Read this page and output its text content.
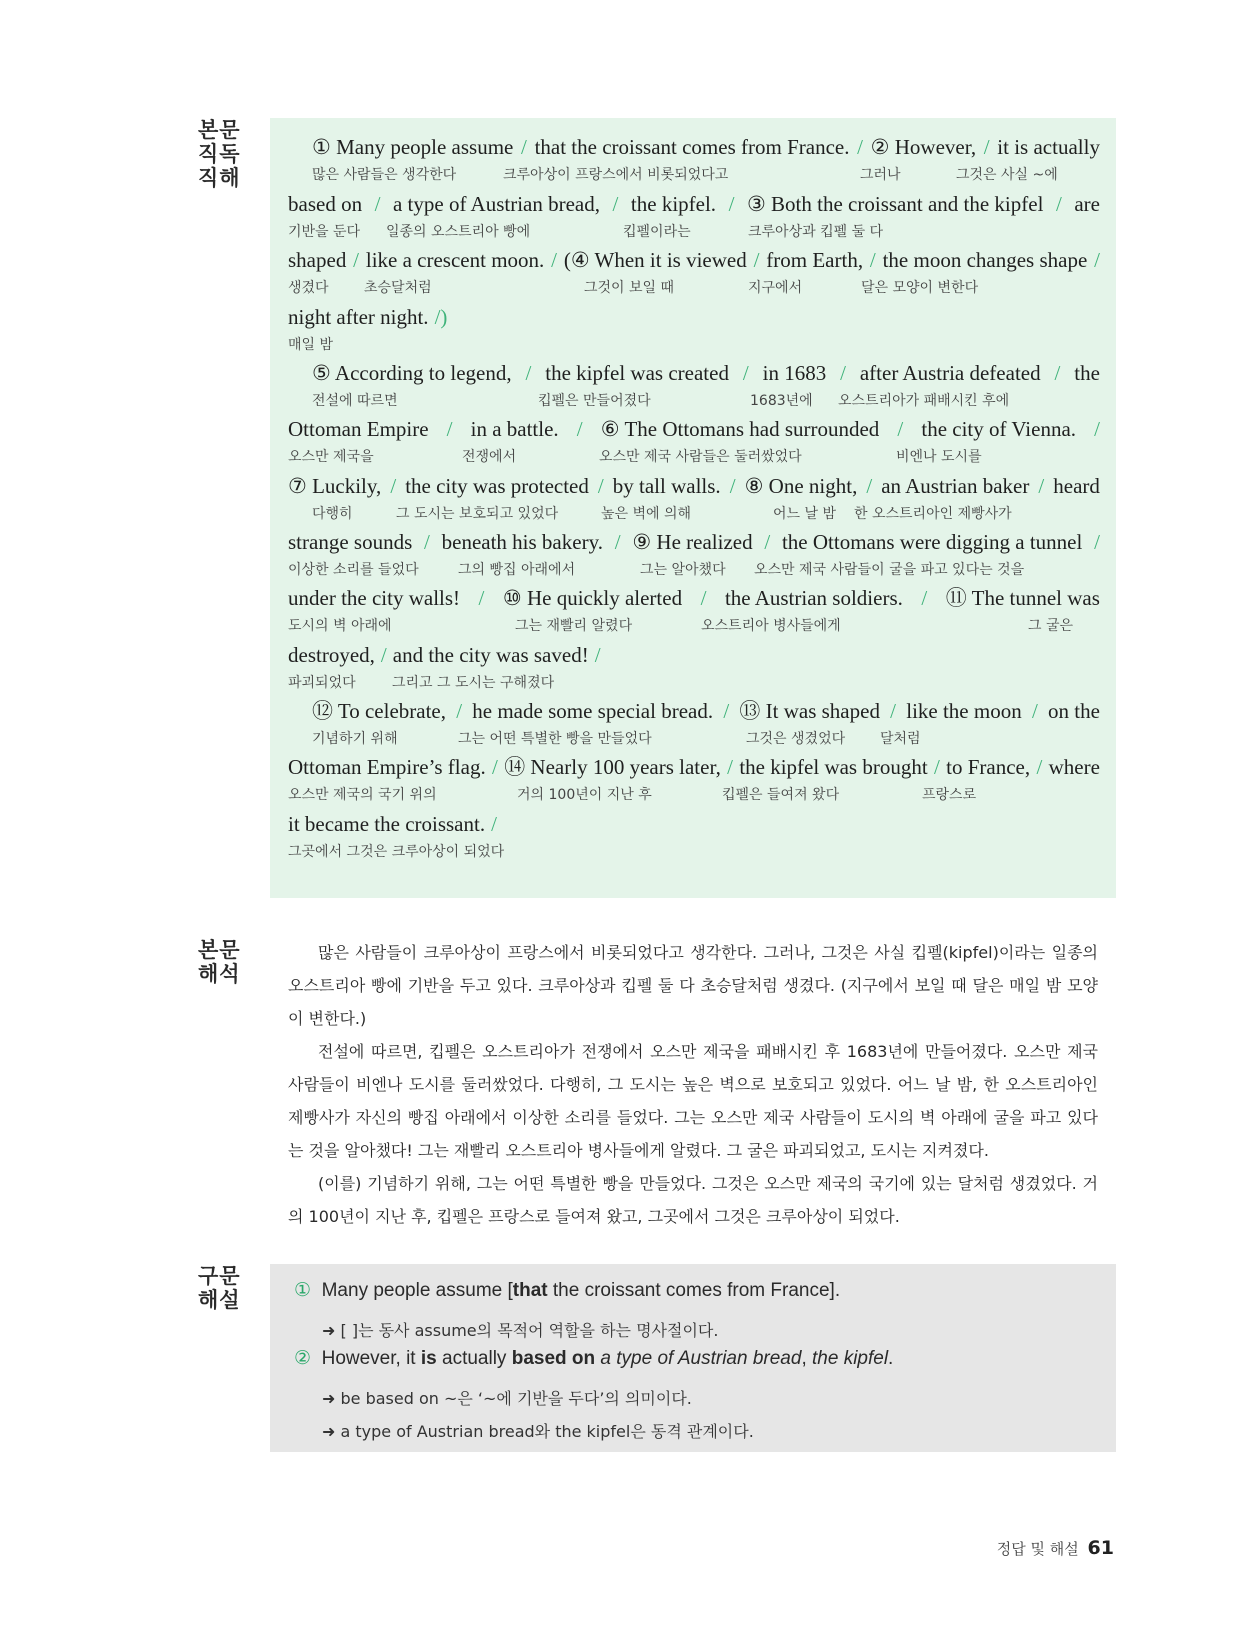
본문
직독
직해
본문
해석
구문
해설
① Many people assume / that the croissant comes from France. / ② However, / it is actually
많은 사람들은 생각한다	크루아상이 프랑스에서 비롯되었다고	그러나	그것은 사실 ~에
based on / a type of Austrian bread, / the kipfel. / ③ Both the croissant and the kipfel / are
기반을 둔다 일종의 오스트리아 빵에	킵펠이라는	크루아상과 킵펠 둘 다
shaped / like a crescent moon. / (④ When it is viewed / from Earth, / the moon changes shape /
생겼다	초승달처럼	그것이 보일 때	지구에서	달은 모양이 변한다
night after night. /)
매일 밤
⑤ According to legend, / the kipfel was created / in 1683 / after Austria defeated / the
전설에 따르면	킵펠은 만들어졌다	1683년에 오스트리아가 패배시킨 후에
Ottoman Empire / in a battle. / ⑥ The Ottomans had surrounded / the city of Vienna. /
오스만 제국을	전쟁에서	오스만 제국 사람들은 둘러쌌었다	비엔나 도시를
⑦ Luckily, / the city was protected / by tall walls. / ⑧ One night, / an Austrian baker / heard
다행히	그 도시는 보호되고 있었다	높은 벽에 의해	어느 날 밤 한 오스트리아인 제빵사가
strange sounds / beneath his bakery. / ⑨ He realized / the Ottomans were digging a tunnel /
이상한 소리를 들었다	그의 빵집 아래에서	그는 알아챘다 오스만 제국 사람들이 굴을 파고 있다는 것을
under the city walls! / ⑩ He quickly alerted / the Austrian soldiers. / ⑪ The tunnel was
도시의 벽 아래에	그는 재빨리 알렸다	오스트리아 병사들에게	그 굴은
destroyed, / and the city was saved! /
파괴되었다	그리고 그 도시는 구해졌다
⑫ To celebrate, / he made some special bread. / ⑬ It was shaped / like the moon / on the
기념하기 위해	그는 어떤 특별한 빵을 만들었다	그것은 생겼었다 달처럼
Ottoman Empire’s flag. / ⑭ Nearly 100 years later, / the kipfel was brought / to France, / where
오스만 제국의 국기 위의	거의 100년이 지난 후	킵펠은 들여져 왔다	프랑스로
it became the croissant. /
그곳에서 그것은 크루아상이 되었다

많은 사람들이 크루아상이 프랑스에서 비롯되었다고 생각한다. 그러나, 그것은 사실 킵펠(kipfel)이라는 일종의 오스트리아 빵에 기반을 두고 있다. 크루아상과 킵펠 둘 다 초승달처럼 생겼다. (지구에서 보일 때 달은 매일 밤 모양이 변한다.)

전설에 따르면, 킵펠은 오스트리아가 전쟁에서 오스만 제국을 패배시킨 후 1683년에 만들어졌다. 오스만 제국 사람들이 비엔나 도시를 둘러쌌었다. 다행히, 그 도시는 높은 벽으로 보호되고 있었다. 어느 날 밤, 한 오스트리아인 제빵사가 자신의 빵집 아래에서 이상한 소리를 들었다. 그는 오스만 제국 사람들이 도시의 벽 아래에 굴을 파고 있다는 것을 알아챘다! 그는 재빨리 오스트리아 병사들에게 알렸다. 그 굴은 파괴되었고, 도시는 지켜졌다.

(이를) 기념하기 위해, 그는 어떤 특별한 빵을 만들었다. 그것은 오스만 제국의 국기에 있는 달처럼 생겼었다. 거의 100년이 지난 후, 킵펠은 프랑스로 들여져 왔고, 그곳에서 그것은 크루아상이 되었다.

① Many people assume [that the croissant comes from France].
➜ [ ]는 동사 assume의 목적어 역할을 하는 명사절이다.
② However, it is actually based on a type of Austrian bread, the kipfel.
➜ be based on ~은 ‘~에 기반을 두다’의 의미이다.
➜ a type of Austrian bread와 the kipfel은 동격 관계이다.
정답 및 해설 61
